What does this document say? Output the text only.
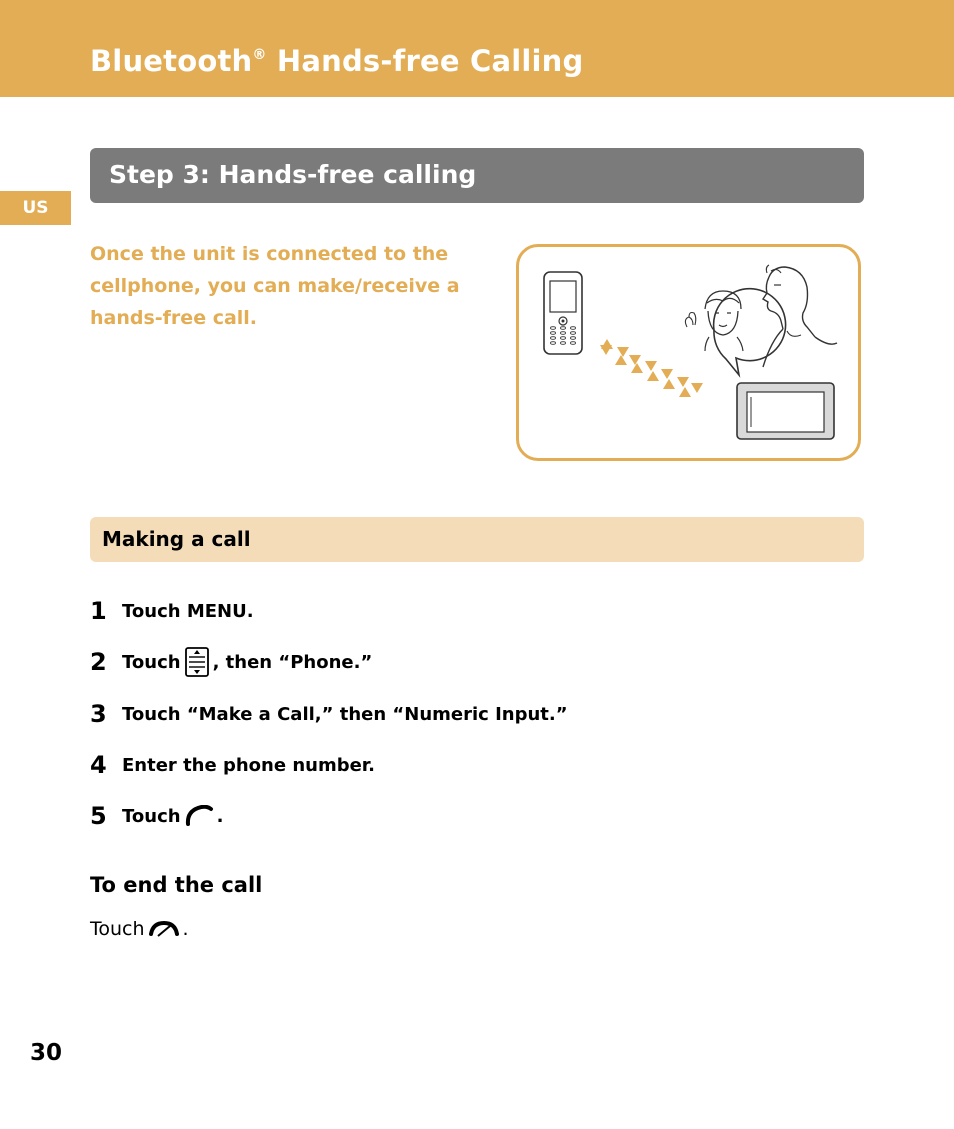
Bluetooth® Hands-free Calling
US
Step 3: Hands-free calling

Once the unit is connected to the cellphone, you can make/receive a hands-free call.

Making a call
1 Touch MENU.
2 Touch , then “Phone.”
3 Touch “Make a Call,” then “Numeric Input.”
4 Enter the phone number.
5 Touch .
To end the call

Touch .

30
